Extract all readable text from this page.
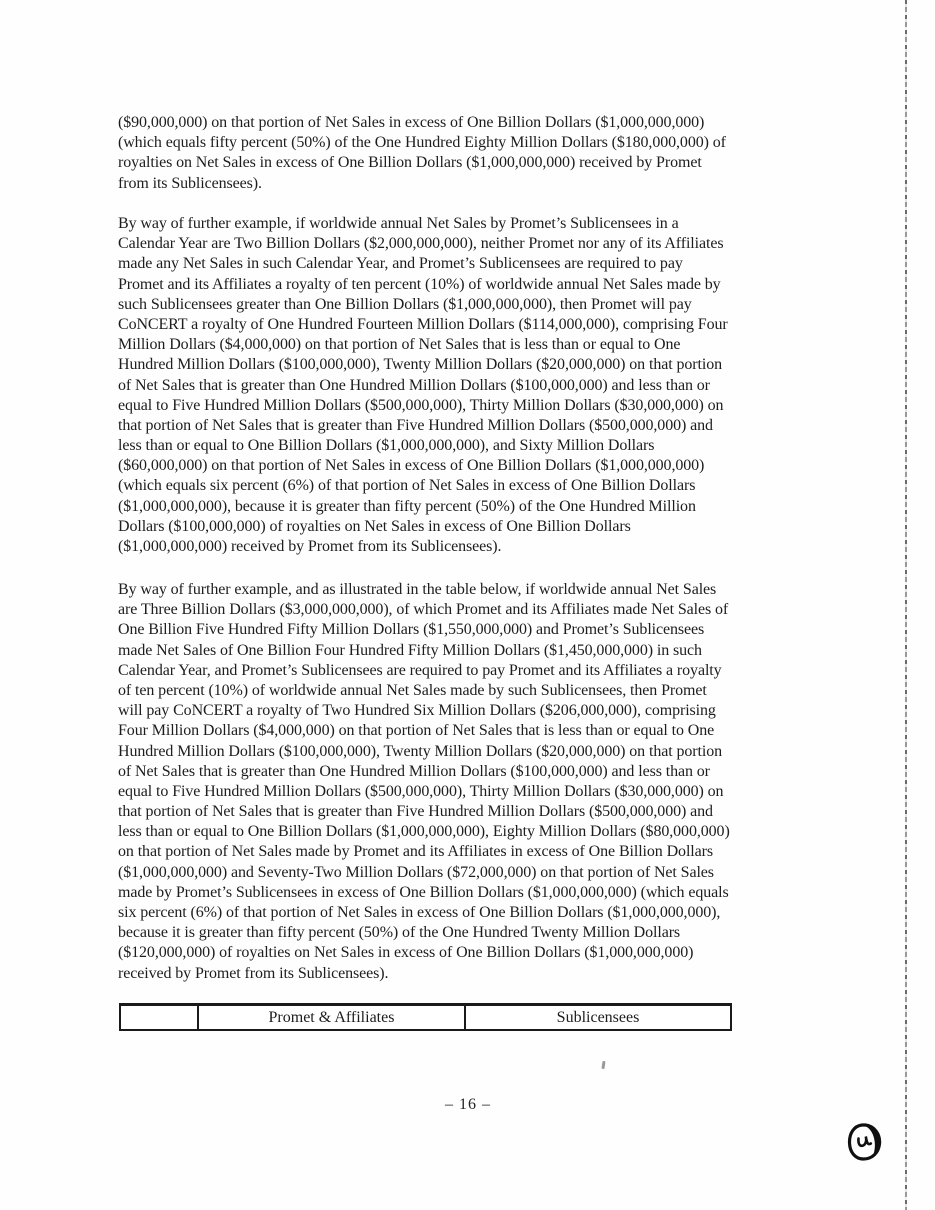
($90,000,000) on that portion of Net Sales in excess of One Billion Dollars ($1,000,000,000)
(which equals fifty percent (50%) of the One Hundred Eighty Million Dollars ($180,000,000) of
royalties on Net Sales in excess of One Billion Dollars ($1,000,000,000) received by Promet
from its Sublicensees).
By way of further example, if worldwide annual Net Sales by Promet’s Sublicensees in a
Calendar Year are Two Billion Dollars ($2,000,000,000), neither Promet nor any of its Affiliates
made any Net Sales in such Calendar Year, and Promet’s Sublicensees are required to pay
Promet and its Affiliates a royalty of ten percent (10%) of worldwide annual Net Sales made by
such Sublicensees greater than One Billion Dollars ($1,000,000,000), then Promet will pay
CoNCERT a royalty of One Hundred Fourteen Million Dollars ($114,000,000), comprising Four
Million Dollars ($4,000,000) on that portion of Net Sales that is less than or equal to One
Hundred Million Dollars ($100,000,000), Twenty Million Dollars ($20,000,000) on that portion
of Net Sales that is greater than One Hundred Million Dollars ($100,000,000) and less than or
equal to Five Hundred Million Dollars ($500,000,000), Thirty Million Dollars ($30,000,000) on
that portion of Net Sales that is greater than Five Hundred Million Dollars ($500,000,000) and
less than or equal to One Billion Dollars ($1,000,000,000), and Sixty Million Dollars
($60,000,000) on that portion of Net Sales in excess of One Billion Dollars ($1,000,000,000)
(which equals six percent (6%) of that portion of Net Sales in excess of One Billion Dollars
($1,000,000,000), because it is greater than fifty percent (50%) of the One Hundred Million
Dollars ($100,000,000) of royalties on Net Sales in excess of One Billion Dollars
($1,000,000,000) received by Promet from its Sublicensees).
By way of further example, and as illustrated in the table below, if worldwide annual Net Sales
are Three Billion Dollars ($3,000,000,000), of which Promet and its Affiliates made Net Sales of
One Billion Five Hundred Fifty Million Dollars ($1,550,000,000) and Promet’s Sublicensees
made Net Sales of One Billion Four Hundred Fifty Million Dollars ($1,450,000,000) in such
Calendar Year, and Promet’s Sublicensees are required to pay Promet and its Affiliates a royalty
of ten percent (10%) of worldwide annual Net Sales made by such Sublicensees, then Promet
will pay CoNCERT a royalty of Two Hundred Six Million Dollars ($206,000,000), comprising
Four Million Dollars ($4,000,000) on that portion of Net Sales that is less than or equal to One
Hundred Million Dollars ($100,000,000), Twenty Million Dollars ($20,000,000) on that portion
of Net Sales that is greater than One Hundred Million Dollars ($100,000,000) and less than or
equal to Five Hundred Million Dollars ($500,000,000), Thirty Million Dollars ($30,000,000) on
that portion of Net Sales that is greater than Five Hundred Million Dollars ($500,000,000) and
less than or equal to One Billion Dollars ($1,000,000,000), Eighty Million Dollars ($80,000,000)
on that portion of Net Sales made by Promet and its Affiliates in excess of One Billion Dollars
($1,000,000,000) and Seventy-Two Million Dollars ($72,000,000) on that portion of Net Sales
made by Promet’s Sublicensees in excess of One Billion Dollars ($1,000,000,000) (which equals
six percent (6%) of that portion of Net Sales in excess of One Billion Dollars ($1,000,000,000),
because it is greater than fifty percent (50%) of the One Hundred Twenty Million Dollars
($120,000,000) of royalties on Net Sales in excess of One Billion Dollars ($1,000,000,000)
received by Promet from its Sublicensees).
Promet & Affiliates	Sublicensees
– 16 –
